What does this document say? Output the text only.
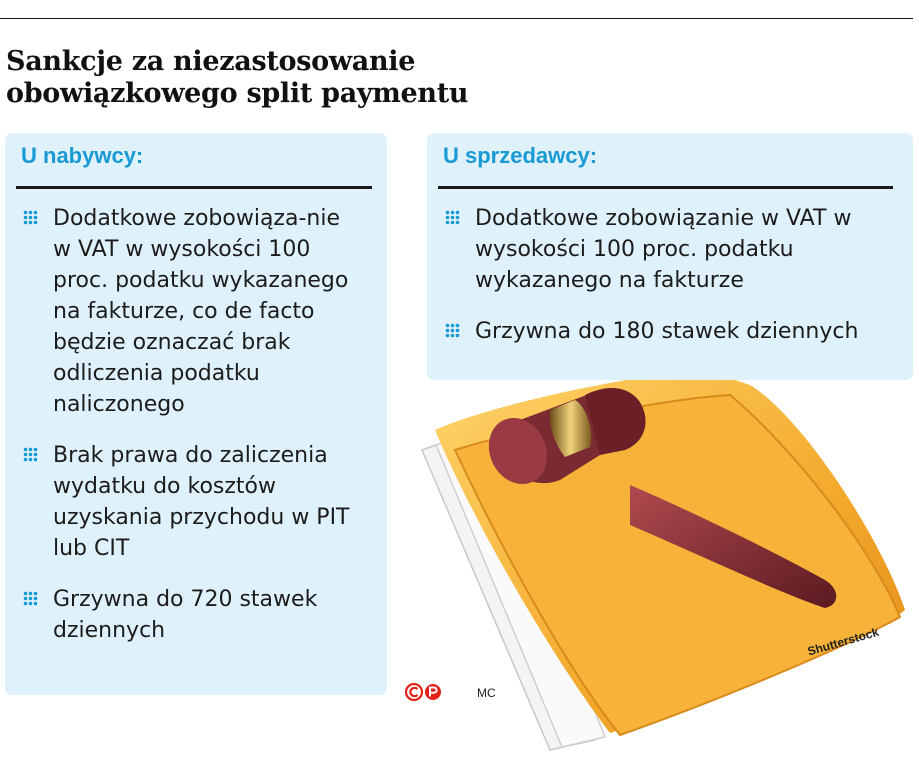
Sankcje za niezastosowanie
obowiązkowego split paymentu
U nabywcy:
Dodatkowe zobowiąza-nie w VAT w wysokości 100 proc. podatku wykazanego na fakturze, co de facto będzie oznaczać brak odliczenia podatku naliczonego
Brak prawa do zaliczenia wydatku do kosztów uzyskania przychodu w PIT lub CIT
Grzywna do 720 stawek dziennych
U sprzedawcy:
Dodatkowe zobowiązanie w VAT w wysokości 100 proc. podatku wykazanego na fakturze
Grzywna do 180 stawek dziennych
MC
Shutterstock
